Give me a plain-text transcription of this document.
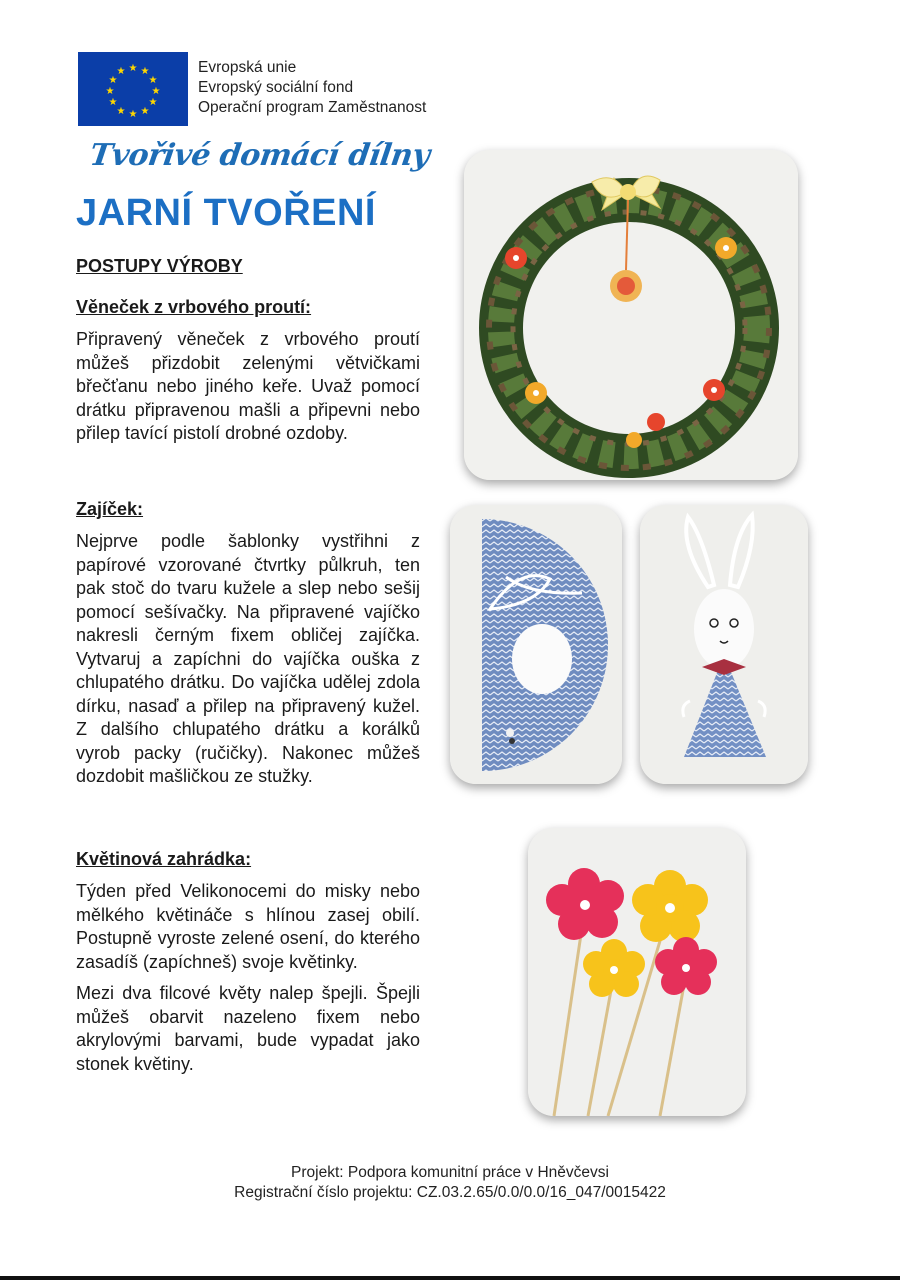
★ ★
★
★
★
★
★
★
★
★
★
★	Evropská unie
Evropský sociální fond
Operační program Zaměstnanost
Tvořivé domácí dílny
JARNÍ TVOŘENÍ
POSTUPY VÝROBY
Věneček z vrbového proutí:

Připravený věneček z vrbového proutí můžeš přizdobit zelenými větvičkami břečťanu nebo jiného keře. Uvaž pomocí drátku připravenou mašli a připevni nebo přilep tavící pistolí drobné ozdoby.

Zajíček:

Nejprve podle šablonky vystřihni z papírové vzorované čtvrtky půlkruh, ten pak stoč do tvaru kužele a slep nebo sešij pomocí sešívačky. Na připravené vajíčko nakresli černým fixem obličej zajíčka. Vytvaruj a zapíchni do vajíčka ouška z chlupatého drátku. Do vajíčka udělej zdola dírku, nasaď a přilep na připravený kužel. Z dalšího chlupatého drátku a korálků vyrob packy (ručičky). Nakonec můžeš dozdobit mašličkou ze stužky.

Květinová zahrádka:

Týden před Velikonocemi do misky nebo mělkého květináče s hlínou zasej obilí. Postupně vyroste zelené osení, do kterého zasadíš (zapíchneš) svoje květinky.

Mezi dva filcové květy nalep špejli. Špejli můžeš obarvit nazeleno fixem nebo akrylovými barvami, bude vypadat jako stonek květiny.

Projekt: Podpora komunitní práce v Hněvčevsi
Registrační číslo projektu: CZ.03.2.65/0.0/0.0/16_047/0015422
